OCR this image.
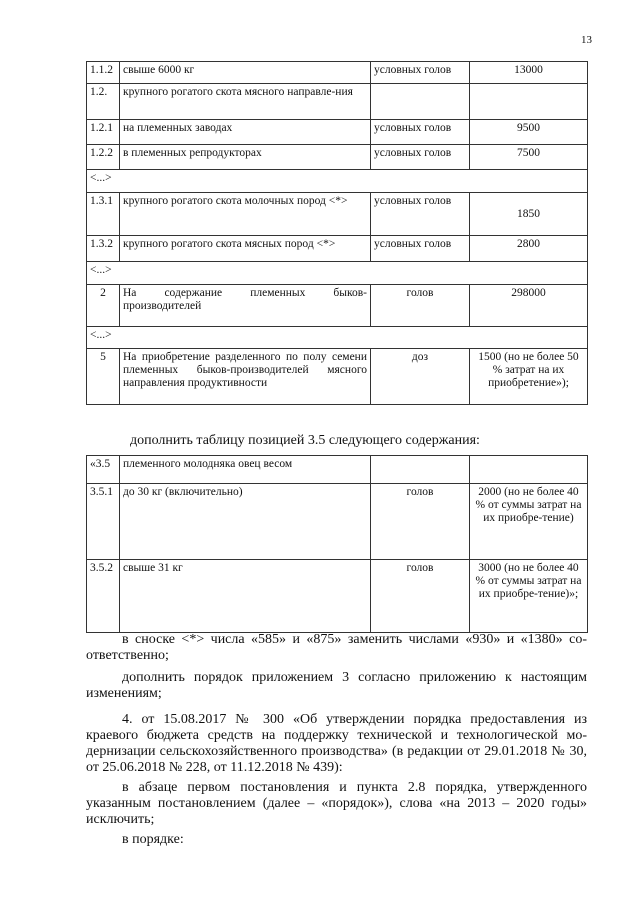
13
1.1.2	свыше 6000 кг	условных голов	13000
1.2.	крупного рогатого скота мясного направле-ния		
1.2.1	на племенных заводах	условных голов	9500
1.2.2	в племенных репродукторах	условных голов	7500
<...>			
1.3.1	крупного рогатого скота молочных пород <*>	условных голов	1850
1.3.2	крупного рогатого скота мясных пород <*>	условных голов	2800
<...>			
2	На содержание племенных быков-производителей	голов	298000
<...>			
5	На приобретение разделенного по полу семени племенных быков-производителей мясного направления продуктивности	доз	1500 (но не более 50 % затрат на их приобретение»);

дополнить таблицу позицией 3.5 следующего содержания:

«3.5	племенного молодняка овец весом		
3.5.1	до 30 кг (включительно)	голов	2000 (но не более 40 % от суммы затрат на их приобре-тение)
3.5.2	свыше 31 кг	голов	3000 (но не более 40 % от суммы затрат на их приобре-тение)»;

в сноске <*> числа «585» и «875» заменить числами «930» и «1380» со-ответственно;

дополнить порядок приложением 3 согласно приложению к настоящим изменениям;

4. от 15.08.2017 № 300 «Об утверждении порядка предоставления из краевого бюджета средств на поддержку технической и технологической мо-дернизации сельскохозяйственного производства» (в редакции от 29.01.2018 № 30, от 25.06.2018 № 228, от 11.12.2018 № 439):

в абзаце первом постановления и пункта 2.8 порядка, утвержденного указанным постановлением (далее – «порядок»), слова «на 2013 – 2020 годы» исключить;

в порядке:
